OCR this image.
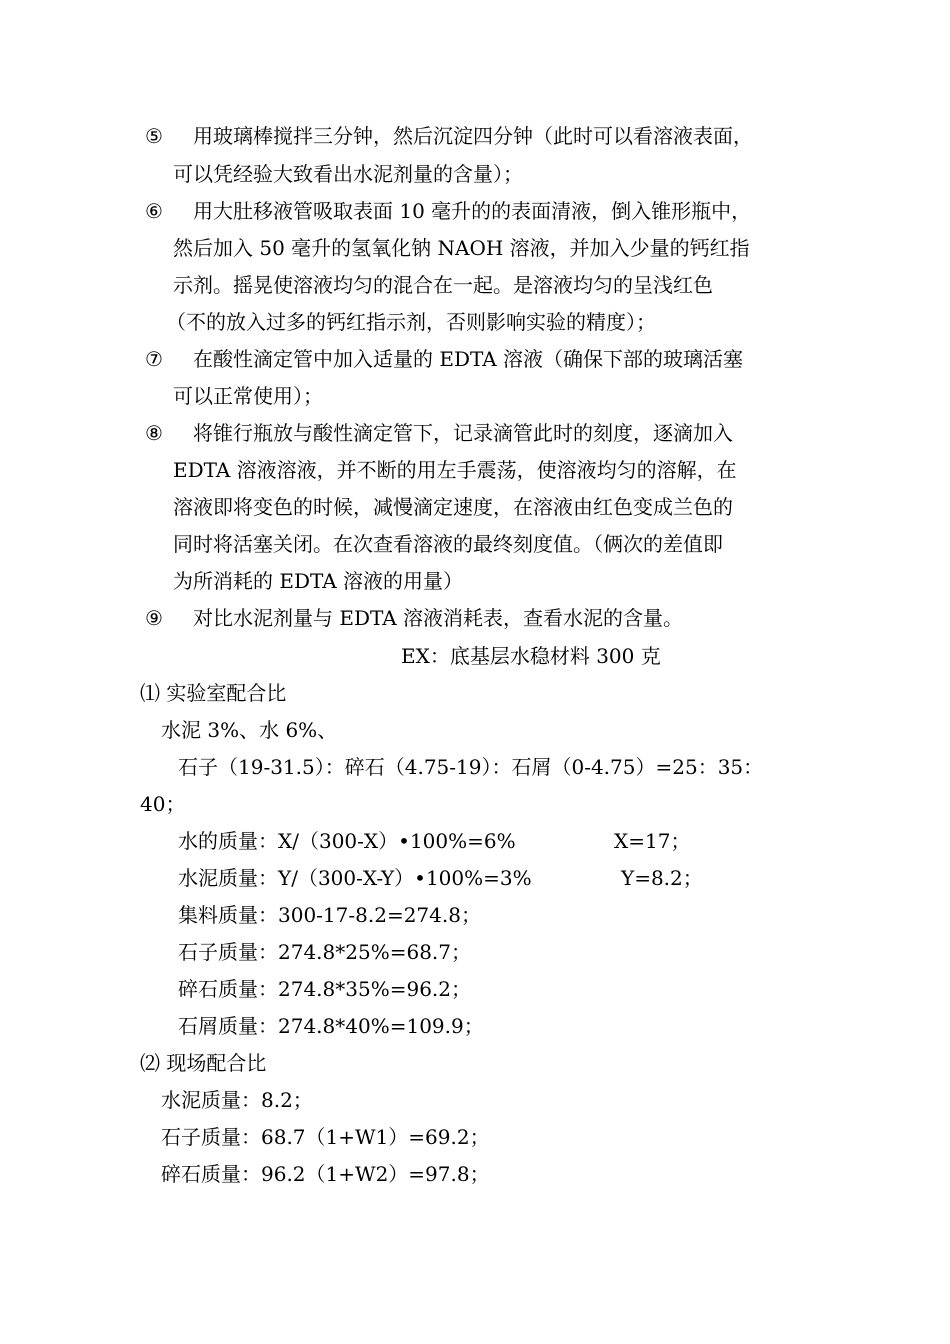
⑤ 用玻璃棒搅拌三分钟，然后沉淀四分钟（此时可以看溶液表面，
可以凭经验大致看出水泥剂量的含量）；
⑥ 用大肚移液管吸取表面 10 毫升的的表面清液，倒入锥形瓶中，
然后加入 50 毫升的氢氧化钠 NAOH 溶液，并加入少量的钙红指
示剂。摇晃使溶液均匀的混合在一起。是溶液均匀的呈浅红色
（不的放入过多的钙红指示剂，否则影响实验的精度）；
⑦ 在酸性滴定管中加入适量的 EDTA 溶液（确保下部的玻璃活塞
可以正常使用）；
⑧ 将锥行瓶放与酸性滴定管下，记录滴管此时的刻度，逐滴加入
EDTA 溶液溶液，并不断的用左手震荡，使溶液均匀的溶解，在
溶液即将变色的时候，减慢滴定速度，在溶液由红色变成兰色的
同时将活塞关闭。在次查看溶液的最终刻度值。（俩次的差值即
为所消耗的 EDTA 溶液的用量）
⑨ 对比水泥剂量与 EDTA 溶液消耗表，查看水泥的含量。
EX：底基层水稳材料 300 克
⑴ 实验室配合比
水泥 3%、水 6%、
石子（19-31.5）：碎石（4.75-19）：石屑（0-4.75）=25：35：
40；
水的质量：X/（300-X）•100%=6%	X=17；
水泥质量：Y/（300-X-Y）•100%=3%	Y=8.2；
集料质量：300-17-8.2=274.8；
石子质量：274.8*25%=68.7；
碎石质量：274.8*35%=96.2；
石屑质量：274.8*40%=109.9；
⑵ 现场配合比
水泥质量：8.2；
石子质量：68.7（1+W1）=69.2；
碎石质量：96.2（1+W2）=97.8；
